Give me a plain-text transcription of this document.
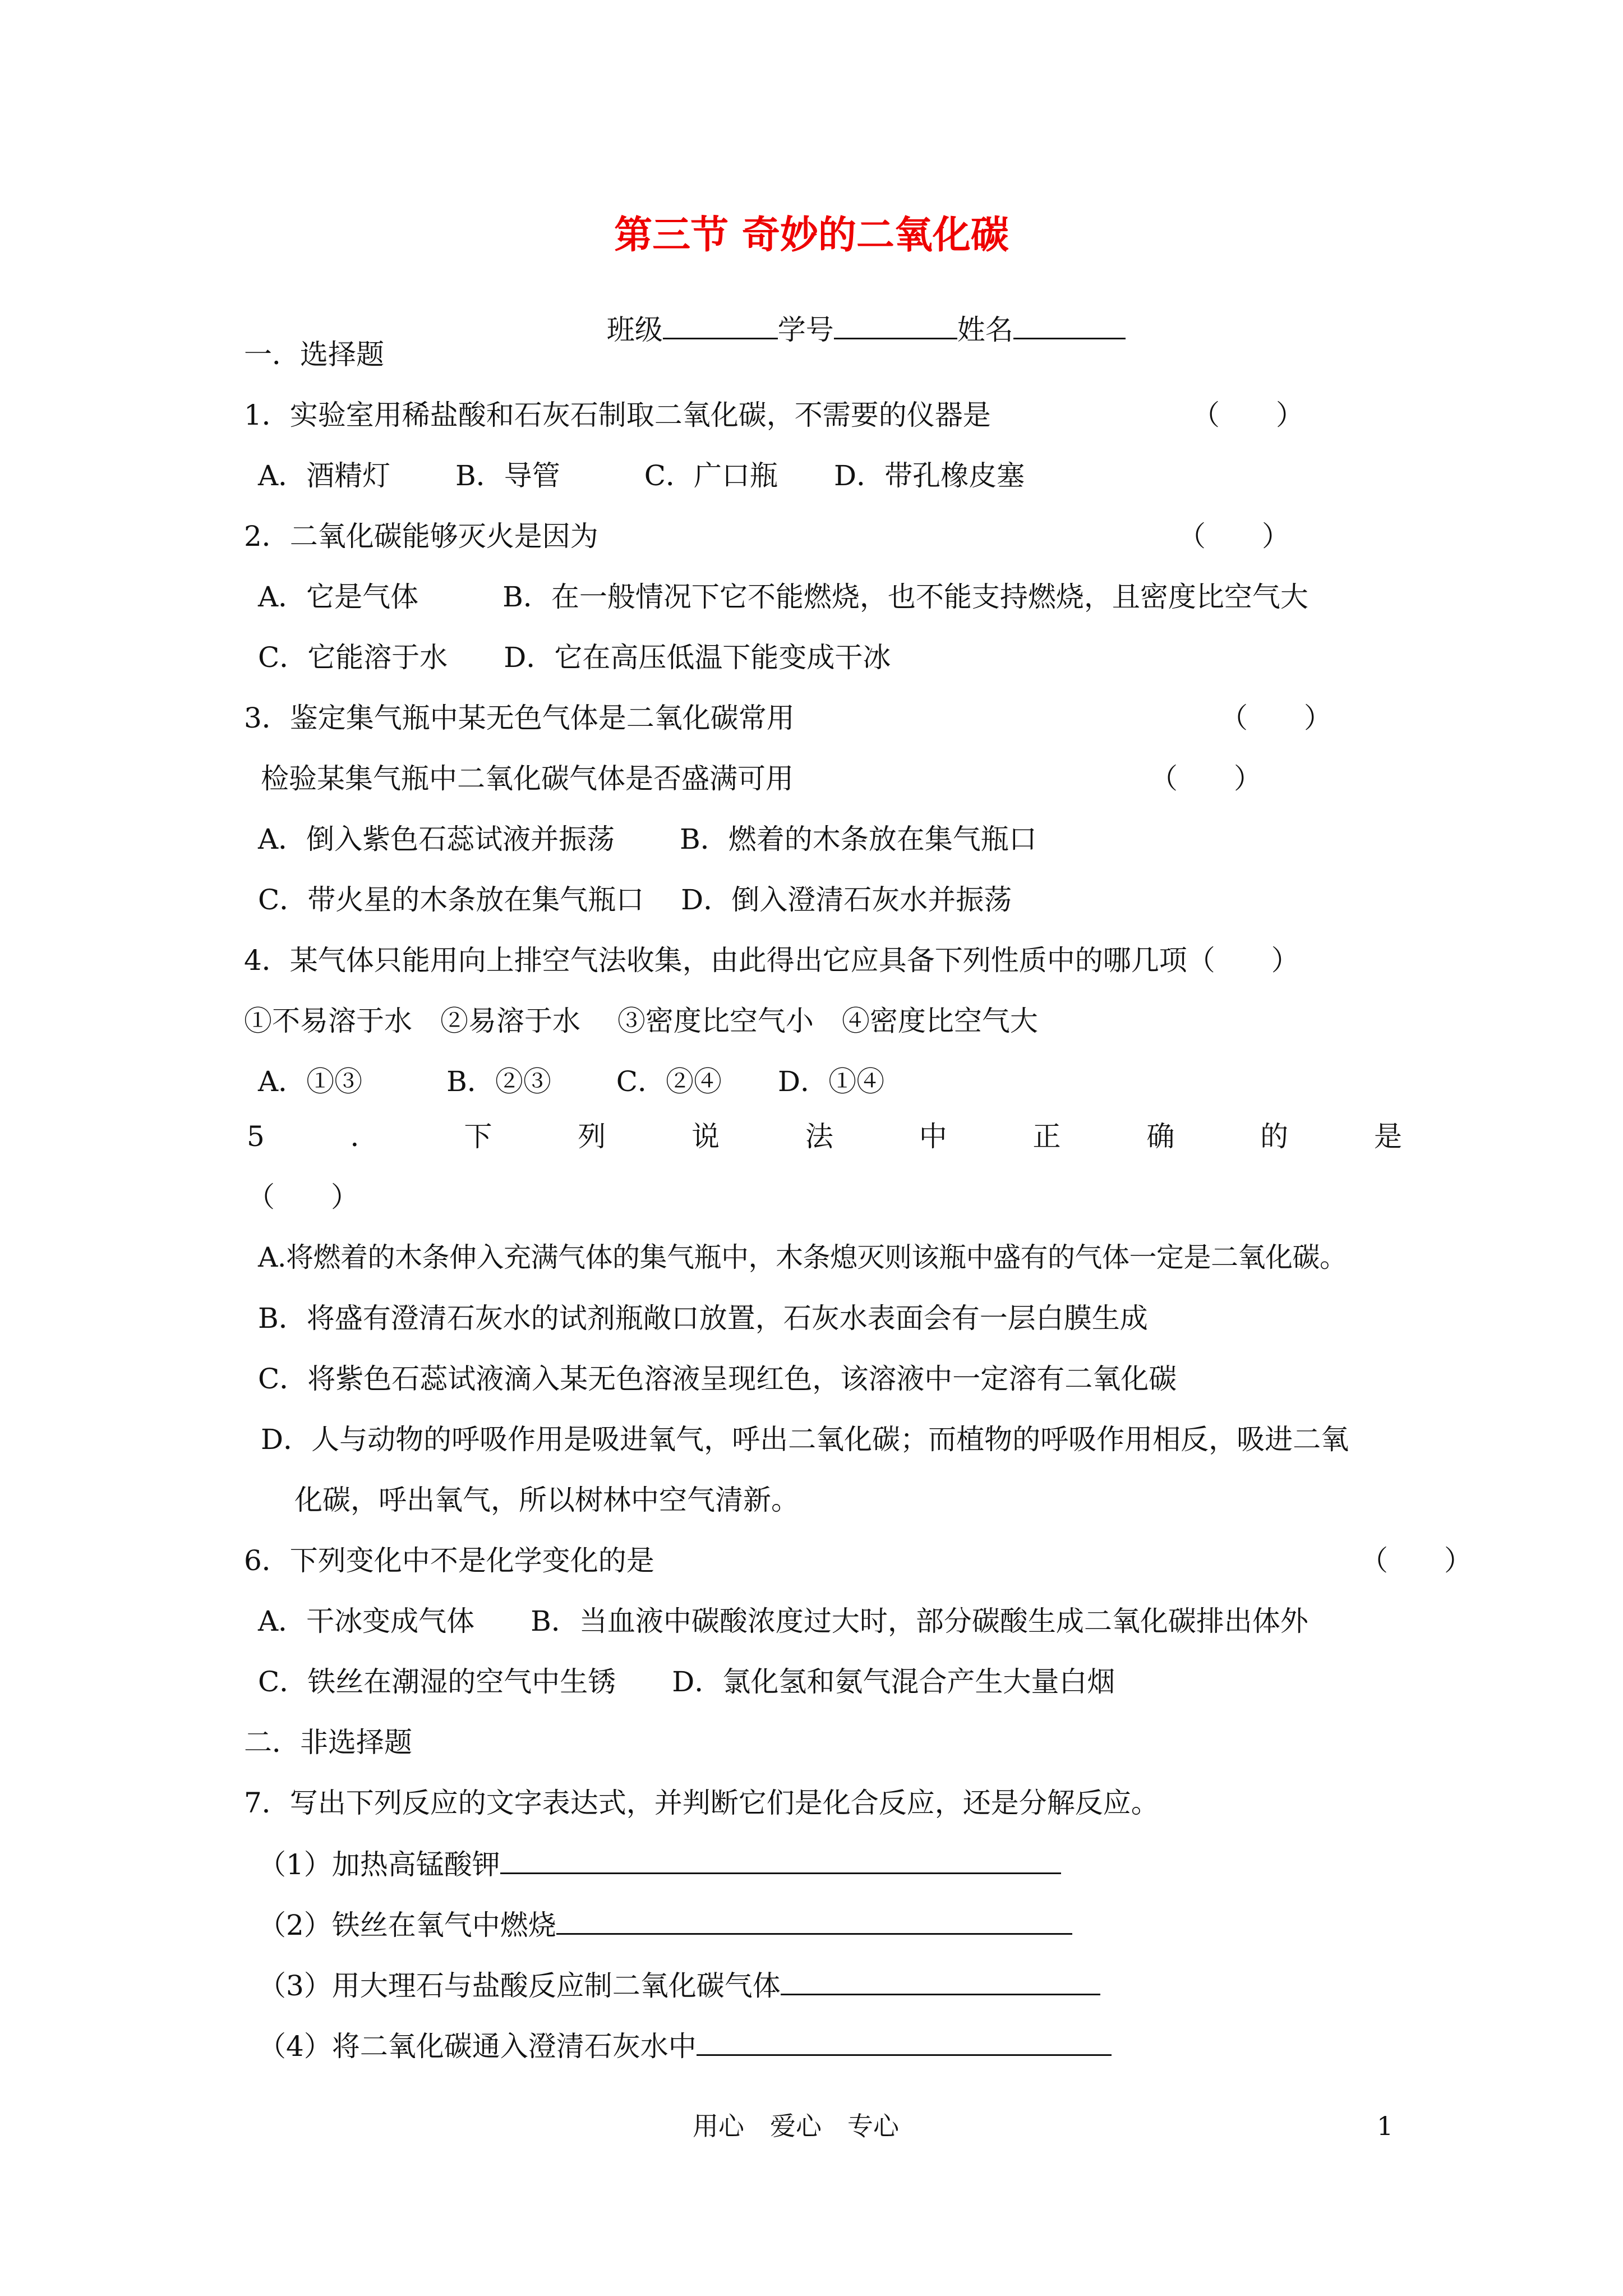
第三节 奇妙的二氧化碳

班级	学号	姓名

一．选择题
1．实验室用稀盐酸和石灰石制取二氧化碳，不需要的仪器是	（　　）
A．酒精灯　　 B．导管　　　C．广口瓶　　D．带孔橡皮塞
2．二氧化碳能够灭火是因为	（　　）
A．它是气体　　　B．在一般情况下它不能燃烧，也不能支持燃烧，且密度比空气大
C．它能溶于水　　D．它在高压低温下能变成干冰
3．鉴定集气瓶中某无色气体是二氧化碳常用	（　　）
检验某集气瓶中二氧化碳气体是否盛满可用	（　　）
A．倒入紫色石蕊试液并振荡　　 B．燃着的木条放在集气瓶口
C．带火星的木条放在集气瓶口　 D．倒入澄清石灰水并振荡
4．某气体只能用向上排空气法收集，由此得出它应具备下列性质中的哪几项（　　）
①不易溶于水　②易溶于水　 ③密度比空气小　④密度比空气大
A．①③　　　B．②③　　 C．②④　　D．①④
5	．	下	列	说	法	中	正	确	的	是
（　　）
A.将燃着的木条伸入充满气体的集气瓶中，木条熄灭则该瓶中盛有的气体一定是二氧化碳。
B．将盛有澄清石灰水的试剂瓶敞口放置，石灰水表面会有一层白膜生成
C．将紫色石蕊试液滴入某无色溶液呈现红色，该溶液中一定溶有二氧化碳
D．人与动物的呼吸作用是吸进氧气，呼出二氧化碳；而植物的呼吸作用相反，吸进二氧
化碳，呼出氧气，所以树林中空气清新。
6．下列变化中不是化学变化的是	（　　）
A．干冰变成气体　　B．当血液中碳酸浓度过大时，部分碳酸生成二氧化碳排出体外
C．铁丝在潮湿的空气中生锈　　D．氯化氢和氨气混合产生大量白烟
二．非选择题
7．写出下列反应的文字表达式，并判断它们是化合反应，还是分解反应。
（1）加热高锰酸钾
（2）铁丝在氧气中燃烧
（3）用大理石与盐酸反应制二氧化碳气体
（4）将二氧化碳通入澄清石灰水中
用心　爱心　专心	1
